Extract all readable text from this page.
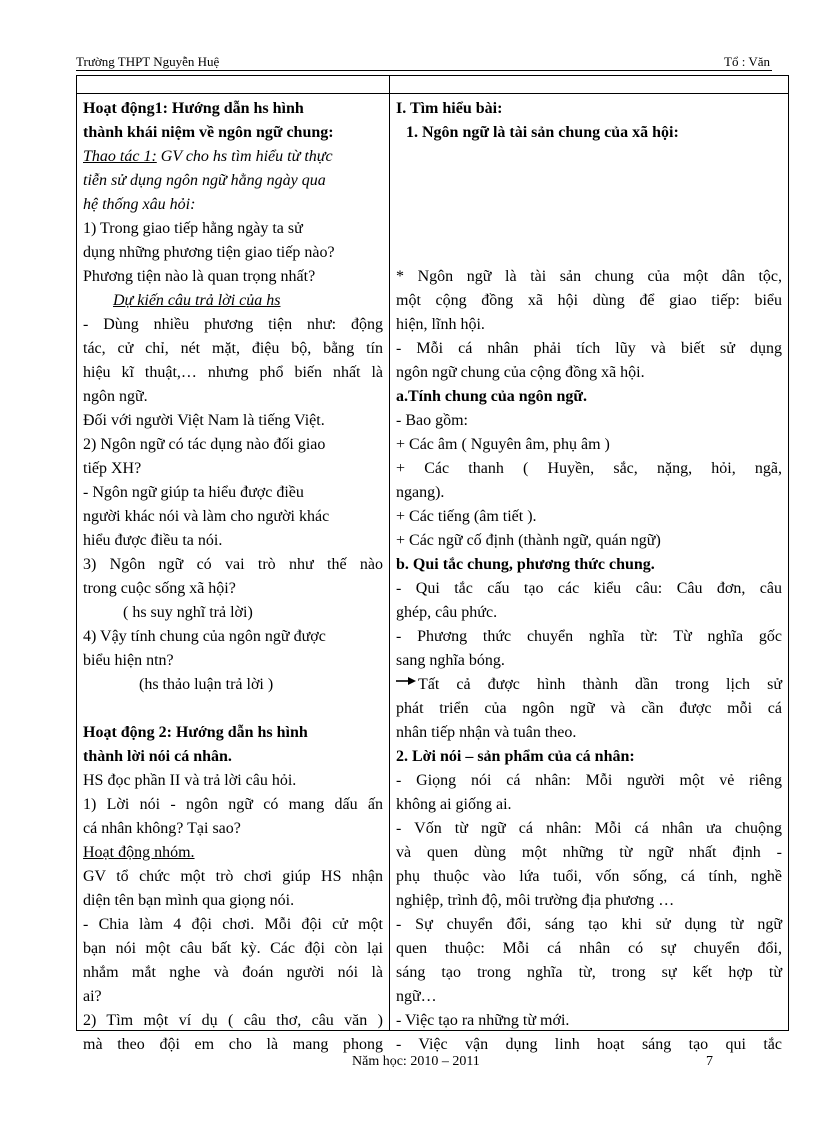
Trường THPT Nguyễn Huệ	Tổ : Văn

Hoạt động1: Hướng dẫn hs hình

thành khái niệm về ngôn ngữ chung:

Thao tác 1: GV cho hs tìm hiểu từ thực

tiễn sử dụng ngôn ngữ hằng ngày qua

hệ thống xâu hỏi:

1) Trong giao tiếp hằng ngày ta sử

dụng những phương tiện giao tiếp nào?

Phương tiện nào là quan trọng nhất?

Dự kiến câu trả lời của hs

- Dùng nhiều phương tiện như: động

tác, cử chỉ, nét mặt, điệu bộ, bằng tín

hiệu kĩ thuật,… nhưng phổ biến nhất là

ngôn ngữ.

Đối với người Việt Nam là tiếng Việt.

2) Ngôn ngữ có tác dụng nào đối giao

tiếp XH?

- Ngôn ngữ giúp ta hiểu được điều

người khác nói và làm cho người khác

hiểu được điều ta nói.

3) Ngôn ngữ có vai trò như thế nào

trong cuộc sống xã hội?

( hs suy nghĩ trả lời)

4) Vậy tính chung của ngôn ngữ được

biểu hiện ntn?

(hs thảo luận trả lời )

Hoạt động 2: Hướng dẫn hs hình

thành lời nói cá nhân.

HS đọc phần II và trả lời câu hỏi.

1) Lời nói - ngôn ngữ có mang dấu ấn

cá nhân không? Tại sao?

Hoạt động nhóm.

GV tổ chức một trò chơi giúp HS nhận

diện tên bạn mình qua giọng nói.

- Chia làm 4 đội chơi. Mỗi đội cử một

bạn nói một câu bất kỳ. Các đội còn lại

nhắm mắt nghe và đoán người nói là

ai?

2) Tìm một ví dụ ( câu thơ, câu văn )

mà theo đội em cho là mang phong

I. Tìm hiểu bài:

1. Ngôn ngữ là tài sản chung của xã hội:

* Ngôn ngữ là tài sản chung của một dân tộc,

một cộng đồng xã hội dùng để giao tiếp: biểu

hiện, lĩnh hội.

- Mỗi cá nhân phải tích lũy và biết sử dụng

ngôn ngữ chung của cộng đồng xã hội.

a.Tính chung của ngôn ngữ.

- Bao gồm:

+ Các âm ( Nguyên âm, phụ âm )

+ Các thanh ( Huyền, sắc, nặng, hỏi, ngã,

ngang).

+ Các tiếng (âm tiết ).

+ Các ngữ cố định (thành ngữ, quán ngữ)

b. Qui tắc chung, phương thức chung.

- Qui tắc cấu tạo các kiểu câu: Câu đơn, câu

ghép, câu phức.

- Phương thức chuyển nghĩa từ: Từ nghĩa gốc

sang nghĩa bóng.

Tất cả được hình thành dần trong lịch sử

phát triển của ngôn ngữ và cần được mỗi cá

nhân tiếp nhận và tuân theo.

2. Lời nói – sản phẩm của cá nhân:

- Giọng nói cá nhân: Mỗi người một vẻ riêng

không ai giống ai.

- Vốn từ ngữ cá nhân: Mỗi cá nhân ưa chuộng

và quen dùng một những từ ngữ nhất định -

phụ thuộc vào lứa tuổi, vốn sống, cá tính, nghề

nghiệp, trình độ, môi trường địa phương …

- Sự chuyển đổi, sáng tạo khi sử dụng từ ngữ

quen thuộc: Mỗi cá nhân có sự chuyển đổi,

sáng tạo trong nghĩa từ, trong sự kết hợp từ

ngữ…

- Việc tạo ra những từ mới.

- Việc vận dụng linh hoạt sáng tạo qui tắc

Năm học: 2010 – 2011	7
